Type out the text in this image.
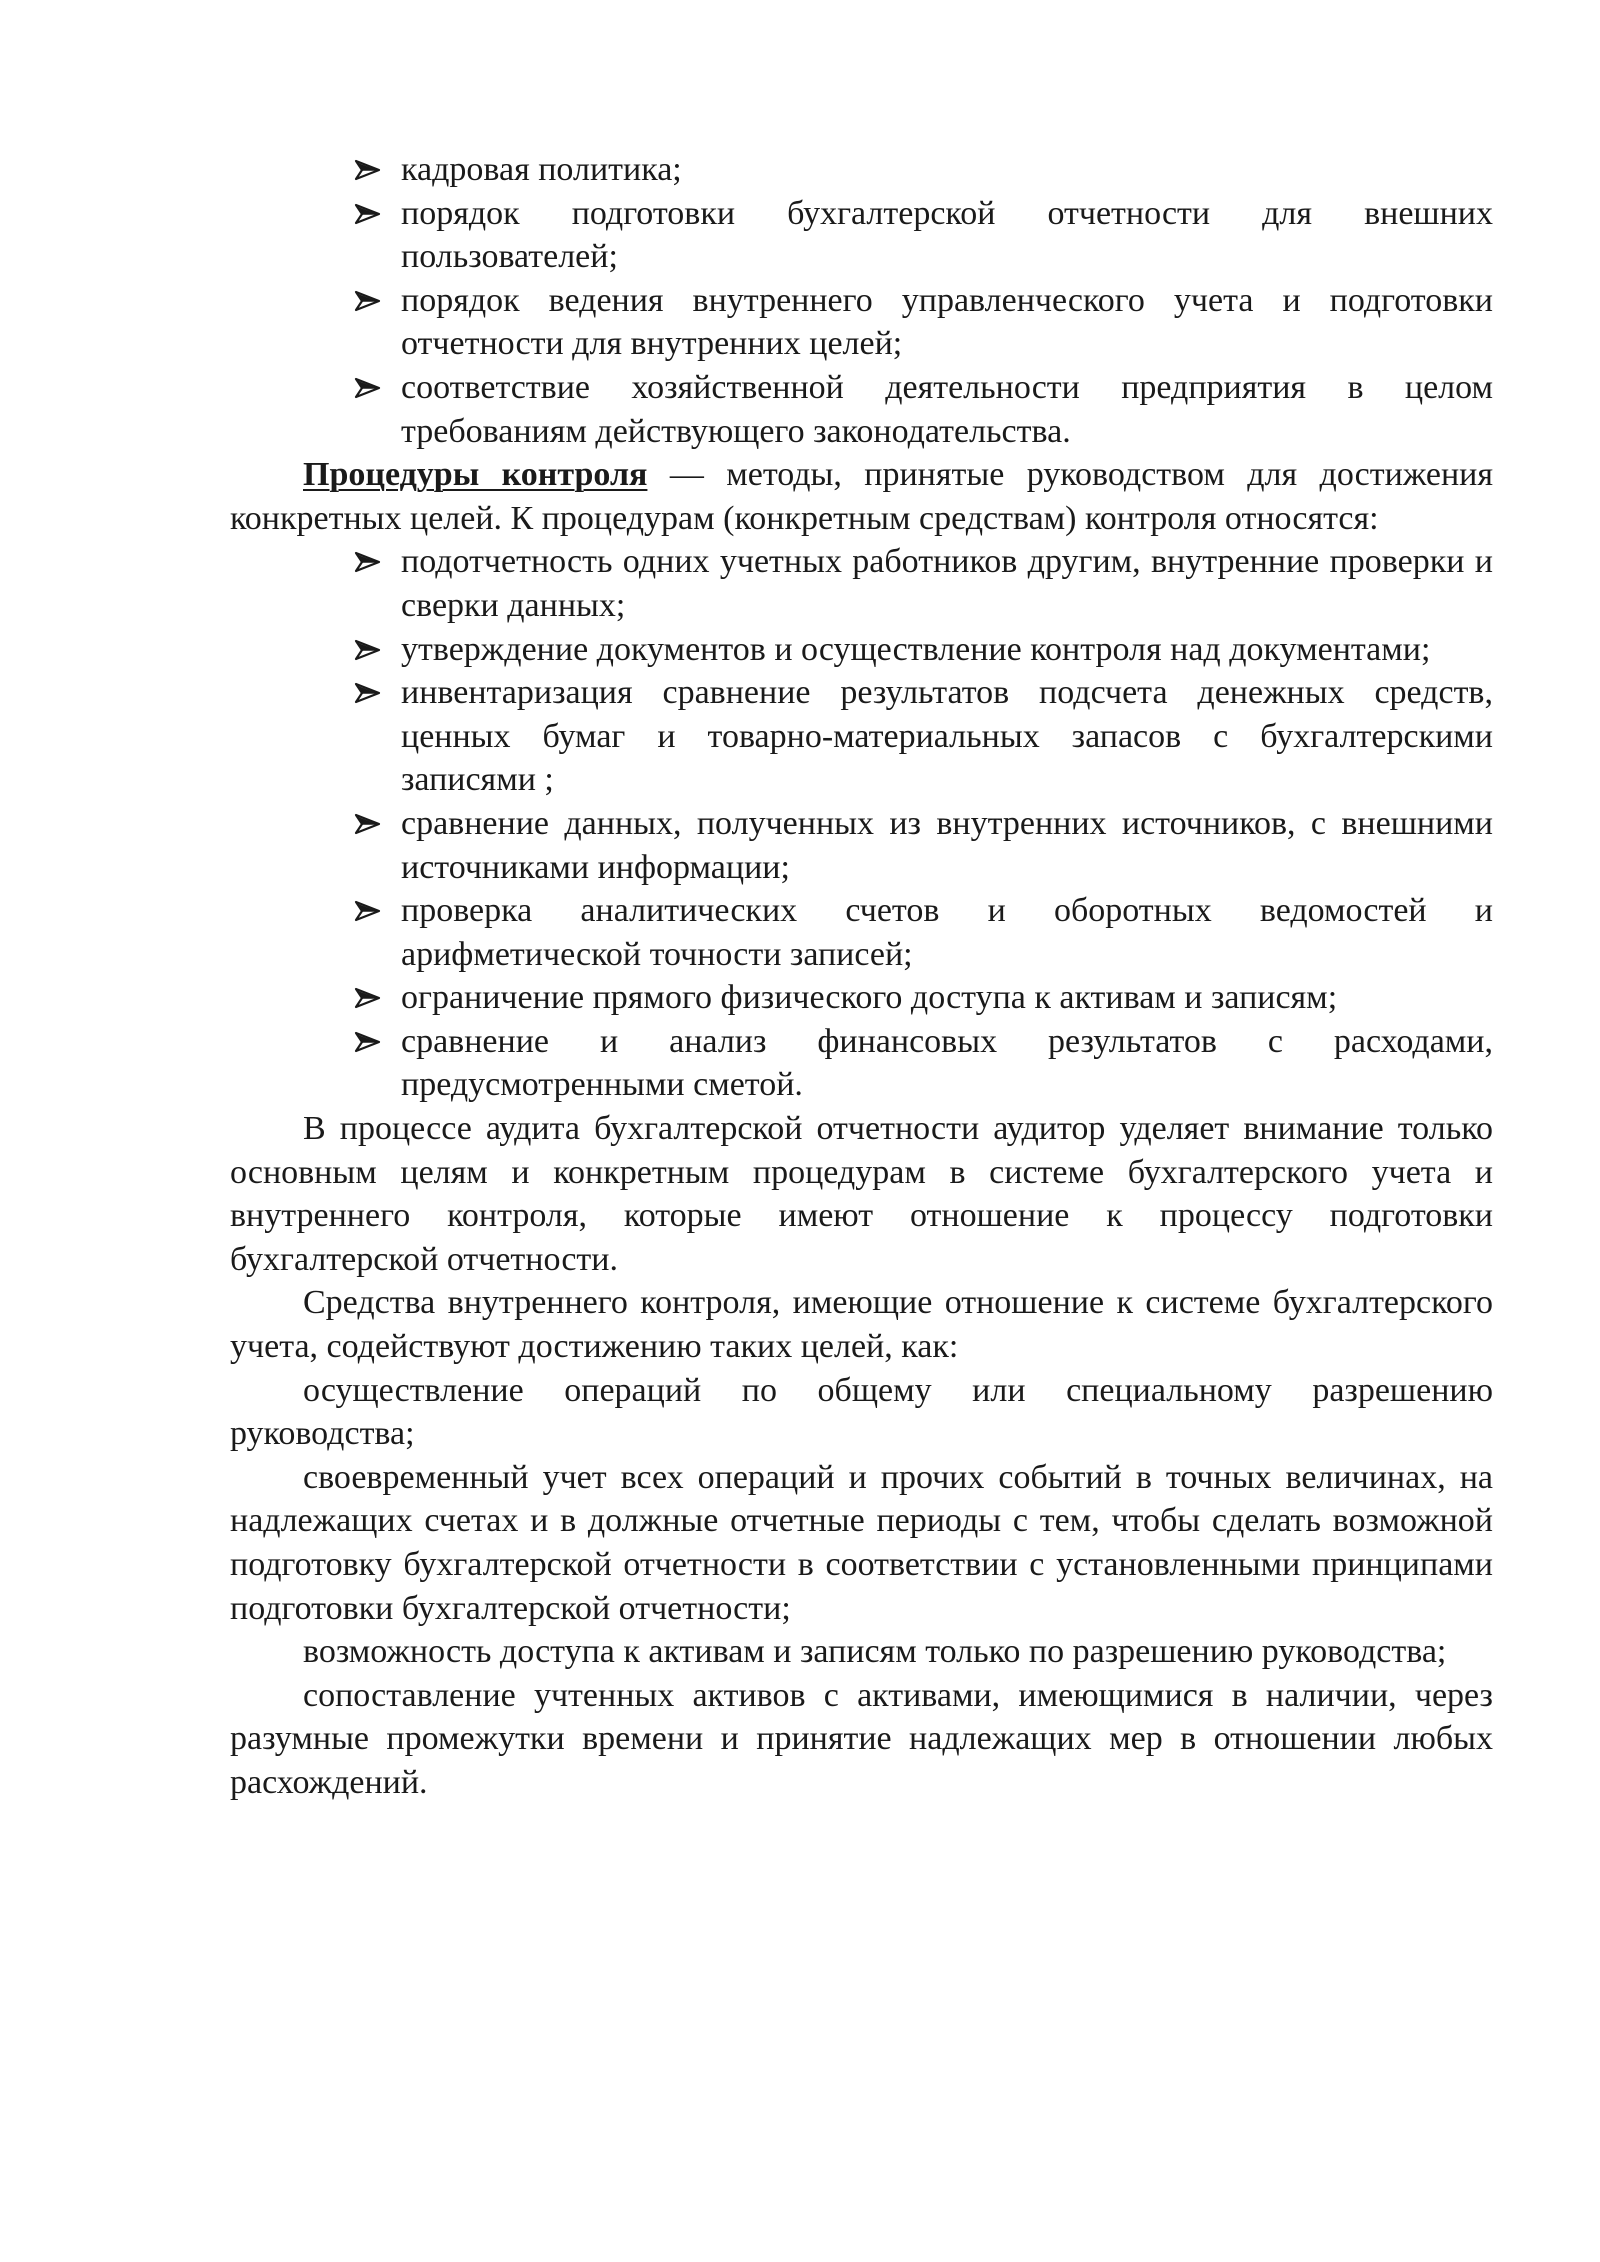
кадровая политика;
порядок подготовки бухгалтерской отчетности для внешних пользователей;
порядок ведения внутреннего управленческого учета и подготовки отчетности для внутренних целей;
соответствие хозяйственной деятельности предприятия в целом требованиям действующего законодательства.

Процедуры контроля — методы, принятые руководством для достижения конкретных целей. К процедурам (конкретным средствам) контроля относятся:

подотчетность одних учетных работников другим, внутренние проверки и сверки данных;
утверждение документов и осуществление контроля над документами;
инвентаризация сравнение результатов подсчета денежных средств, ценных бумаг и товарно-материальных запасов с бухгалтерскими записями ;
сравнение данных, полученных из внутренних источников, с внешними источниками информации;
проверка аналитических счетов и оборотных ведомостей и арифметической точности записей;
ограничение прямого физического доступа к активам и записям;
сравнение и анализ финансовых результатов с расходами, предусмотренными сметой.

В процессе аудита бухгалтерской отчетности аудитор уделяет внимание только основным целям и конкретным процедурам в системе бухгалтерского учета и внутреннего контроля, которые имеют отношение к процессу подготовки бухгалтерской отчетности.

Средства внутреннего контроля, имеющие отношение к системе бухгалтерского учета, содействуют достижению таких целей, как:

осуществление операций по общему или специальному разрешению руководства;

своевременный учет всех операций и прочих событий в точных величинах, на надлежащих счетах и в должные отчетные периоды с тем, чтобы сделать возможной подготовку бухгалтерской отчетности в соответствии с установленными принципами подготовки бухгалтерской отчетности;

возможность доступа к активам и записям только по разрешению руководства;

сопоставление учтенных активов с активами, имеющимися в наличии, через разумные промежутки времени и принятие надлежащих мер в отношении любых расхождений.
